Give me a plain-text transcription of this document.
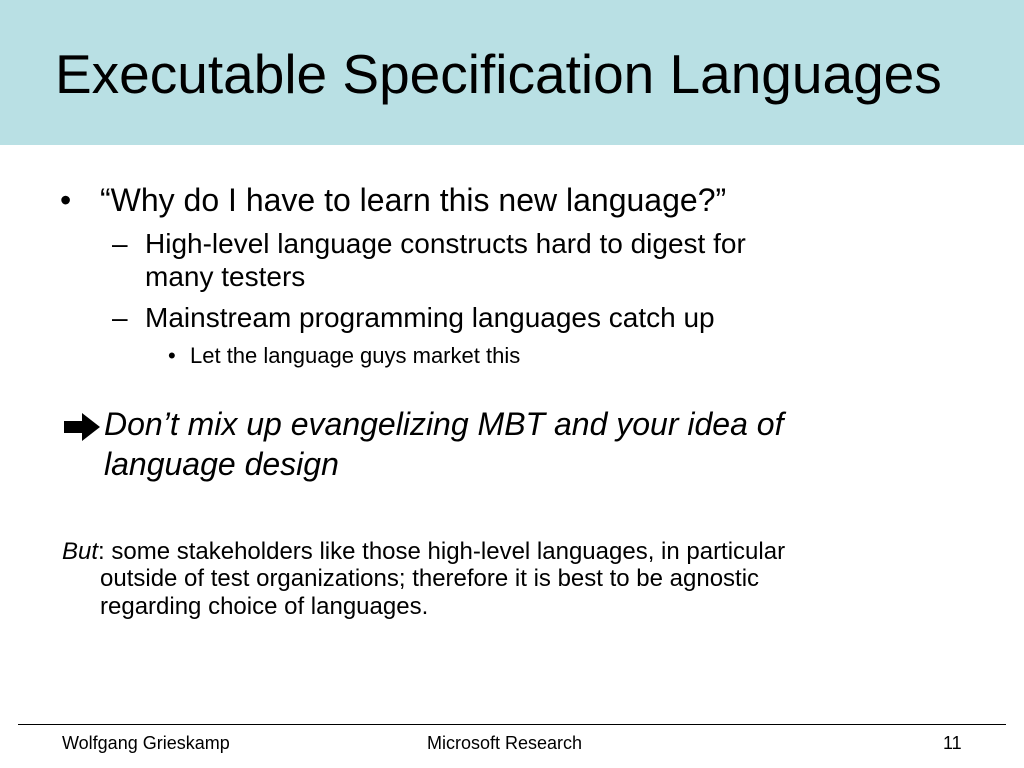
Executable Specification Languages
• “Why do I have to learn this new language?”
– High-level language constructs hard to digest for
many testers
– Mainstream programming languages catch up
• Let the language guys market this
Don’t mix up evangelizing MBT and your idea of
language design
But: some stakeholders like those high-level languages, in particular
outside of test organizations; therefore it is best to be agnostic
regarding choice of languages.
Wolfgang Grieskamp	Microsoft Research	11
